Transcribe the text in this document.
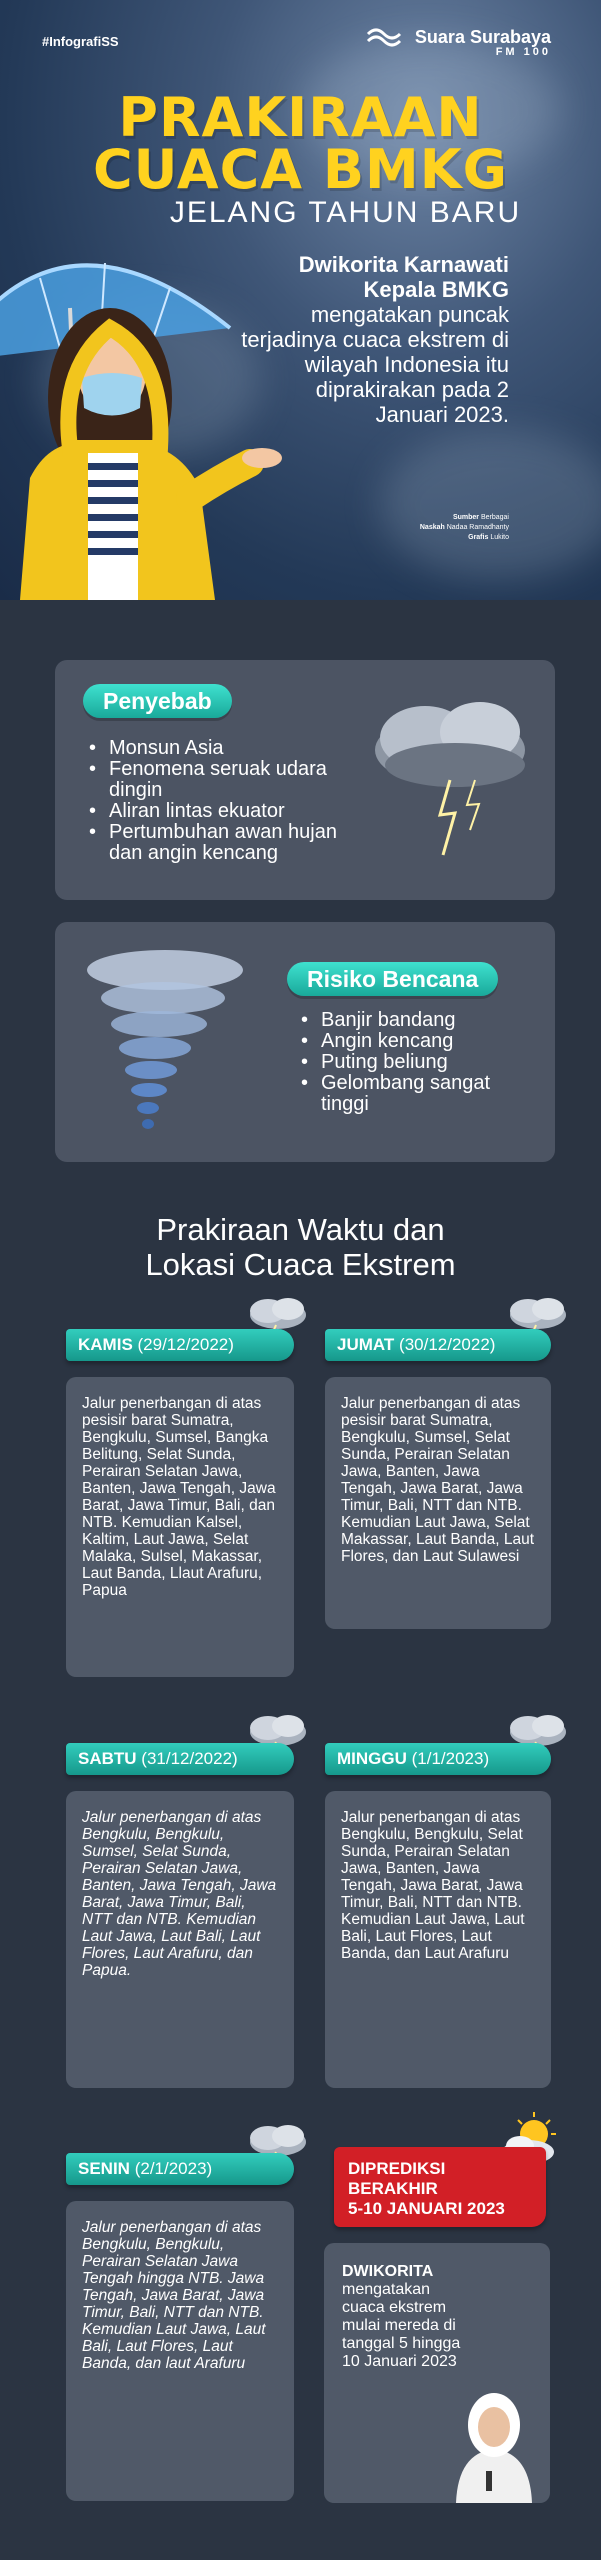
#InfografiSS	Suara Surabaya
FM 100
PRAKIRAAN
CUACA BMKG
JELANG TAHUN BARU
Dwikorita Karnawati Kepala BMKG mengatakan puncak terjadinya cuaca ekstrem di wilayah Indonesia itu diprakirakan pada 2 Januari 2023.
Sumber Berbagai
Naskah Nadaa Ramadhanty
Grafis Lukito
Penyebab
• Monsun Asia
• Fenomena seruak udara dingin
• Aliran lintas ekuator
• Pertumbuhan awan hujan dan angin kencang
Risiko Bencana
• Banjir bandang
• Angin kencang
• Puting beliung
• Gelombang sangat tinggi
Prakiraan Waktu dan
Lokasi Cuaca Ekstrem
KAMIS (29/12/2022)
Jalur penerbangan di atas pesisir barat Sumatra, Bengkulu, Sumsel, Bangka Belitung, Selat Sunda, Perairan Selatan Jawa, Banten, Jawa Tengah, Jawa Barat, Jawa Timur, Bali, dan NTB. Kemudian Kalsel, Kaltim, Laut Jawa, Selat Malaka, Sulsel, Makassar, Laut Banda, Llaut Arafuru, Papua
JUMAT (30/12/2022)
Jalur penerbangan di atas pesisir barat Sumatra, Bengkulu, Sumsel, Selat Sunda, Perairan Selatan Jawa, Banten, Jawa Tengah, Jawa Barat, Jawa Timur, Bali, NTT dan NTB. Kemudian Laut Jawa, Selat Makassar, Laut Banda, Laut Flores, dan Laut Sulawesi
SABTU (31/12/2022)
Jalur penerbangan di atas Bengkulu, Bengkulu, Sumsel, Selat Sunda, Perairan Selatan Jawa, Banten, Jawa Tengah, Jawa Barat, Jawa Timur, Bali, NTT dan NTB. Kemudian Laut Jawa, Laut Bali, Laut Flores, Laut Arafuru, dan Papua.
MINGGU (1/1/2023)
Jalur penerbangan di atas Bengkulu, Bengkulu, Selat Sunda, Perairan Selatan Jawa, Banten, Jawa Tengah, Jawa Barat, Jawa Timur, Bali, NTT dan NTB. Kemudian Laut Jawa, Laut Bali, Laut Flores, Laut Banda, dan Laut Arafuru
SENIN (2/1/2023)
Jalur penerbangan di atas Bengkulu, Bengkulu, Perairan Selatan Jawa Tengah hingga NTB. Jawa Tengah, Jawa Barat, Jawa Timur, Bali, NTT dan NTB. Kemudian Laut Jawa, Laut Bali, Laut Flores, Laut Banda, dan laut Arafuru
DIPREDIKSI
BERAKHIR
5-10 JANUARI 2023
DWIKORITA
mengatakan cuaca ekstrem mulai mereda di tanggal 5 hingga 10 Januari 2023
